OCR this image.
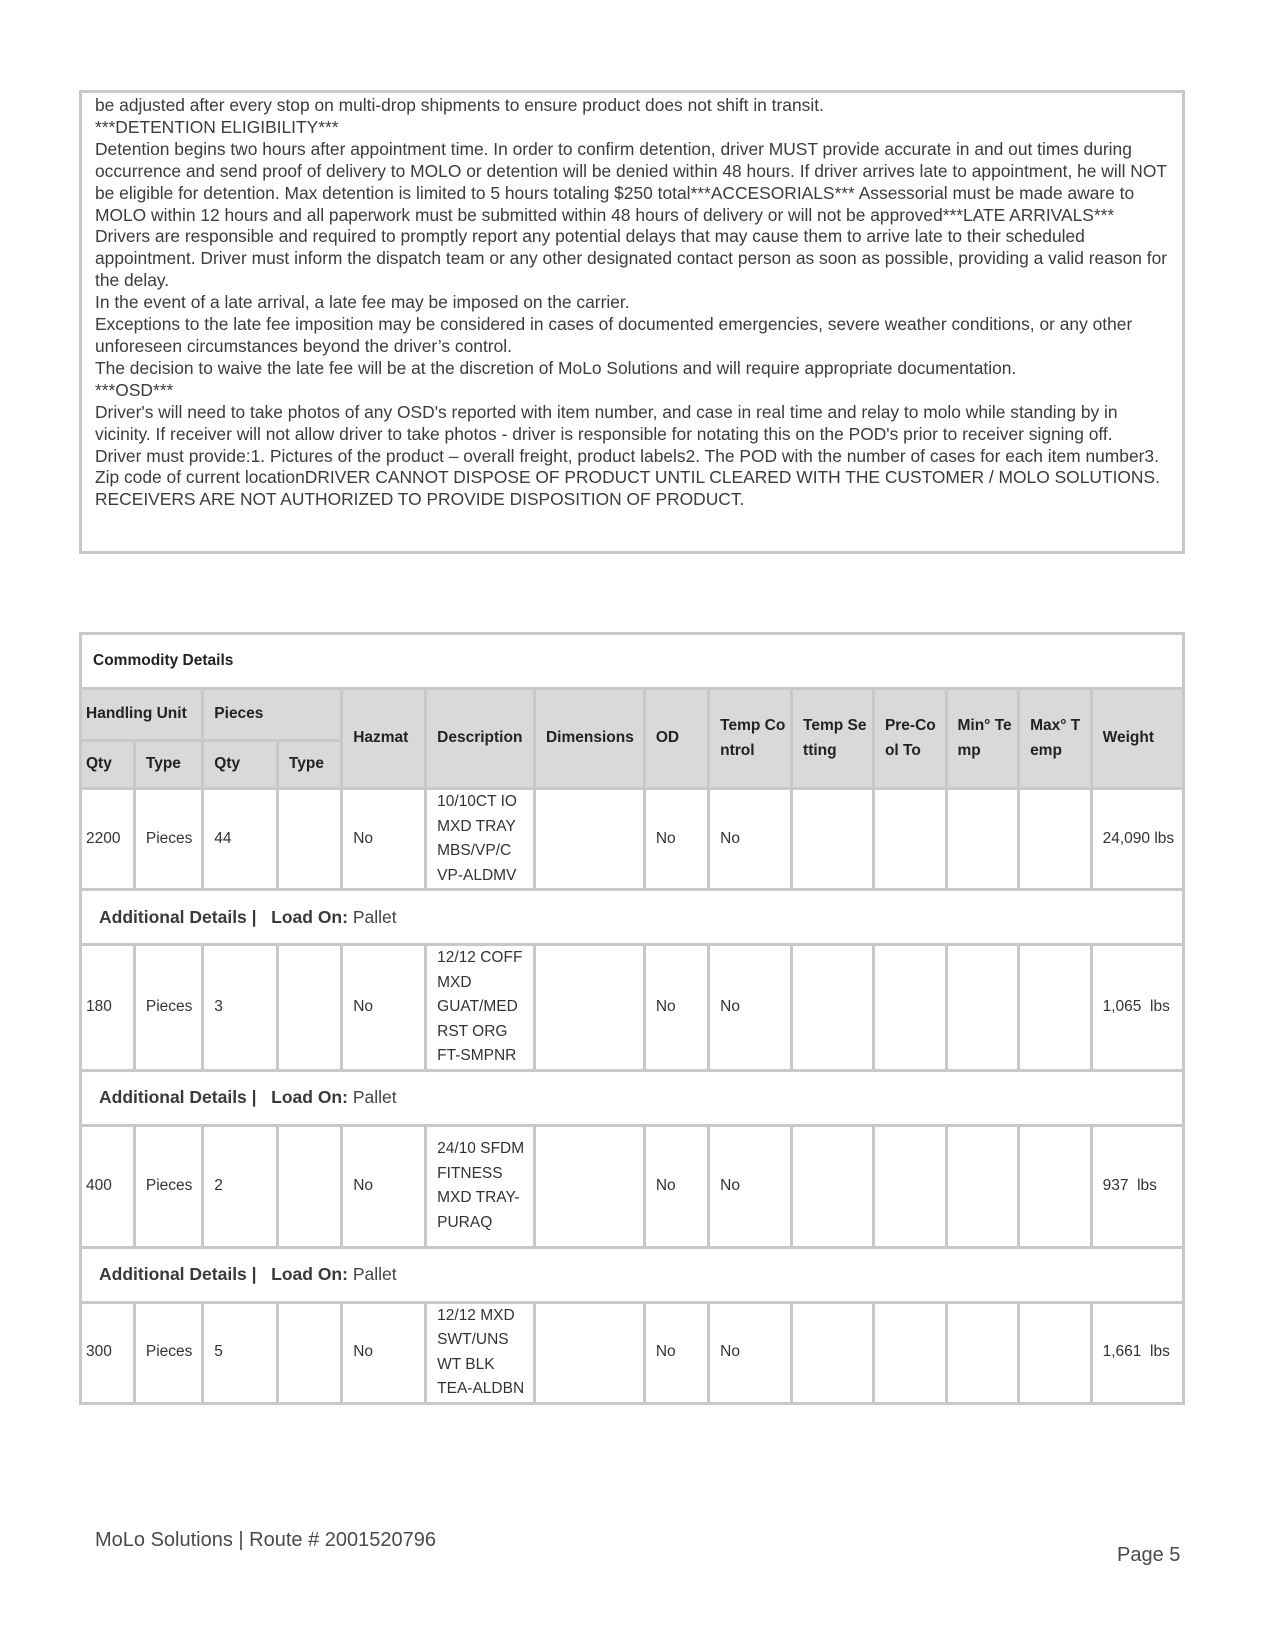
be adjusted after every stop on multi-drop shipments to ensure product does not shift in transit.

***DETENTION ELIGIBILITY***

Detention begins two hours after appointment time. In order to confirm detention, driver MUST provide accurate in and out times during occurrence and send proof of delivery to MOLO or detention will be denied within 48 hours. If driver arrives late to appointment, he will NOT be eligible for detention. Max detention is limited to 5 hours totaling $250 total***ACCESORIALS*** Assessorial must be made aware to MOLO within 12 hours and all paperwork must be submitted within 48 hours of delivery or will not be approved***LATE ARRIVALS***

Drivers are responsible and required to promptly report any potential delays that may cause them to arrive late to their scheduled appointment. Driver must inform the dispatch team or any other designated contact person as soon as possible, providing a valid reason for the delay.

In the event of a late arrival, a late fee may be imposed on the carrier.

Exceptions to the late fee imposition may be considered in cases of documented emergencies, severe weather conditions, or any other unforeseen circumstances beyond the driver’s control.

The decision to waive the late fee will be at the discretion of MoLo Solutions and will require appropriate documentation.

***OSD***

Driver's will need to take photos of any OSD's reported with item number, and case in real time and relay to molo while standing by in vicinity. If receiver will not allow driver to take photos - driver is responsible for notating this on the POD's prior to receiver signing off.

Driver must provide:1. Pictures of the product – overall freight, product labels2. The POD with the number of cases for each item number3. Zip code of current locationDRIVER CANNOT DISPOSE OF PRODUCT UNTIL CLEARED WITH THE CUSTOMER / MOLO SOLUTIONS. RECEIVERS ARE NOT AUTHORIZED TO PROVIDE DISPOSITION OF PRODUCT.

Commodity Details													
Handling Unit		Pieces		Hazmat	Description	Dimensions	OD	Temp Control	Temp Setting	Pre-Cool To	Min° Temp	Max° Temp	Weight
Qty	Type	Qty	Type										
2200	Pieces	44		No	10/10CT IO MXD TRAY MBS/VP/C VP-ALDMV		No	No					24,090 lbs
Additional Details | Load On: Pallet													
180	Pieces	3		No	12/12 COFF MXD GUAT/MED RST ORG FT-SMPNR		No	No					1,065  lbs
Additional Details | Load On: Pallet													
400	Pieces	2		No	24/10 SFDM FITNESS MXD TRAY-PURAQ		No	No					937  lbs
Additional Details | Load On: Pallet													
300	Pieces	5		No	12/12 MXD SWT/UNS WT BLK TEA-ALDBN		No	No					1,661  lbs
MoLo Solutions | Route # 2001520796
Page 5
